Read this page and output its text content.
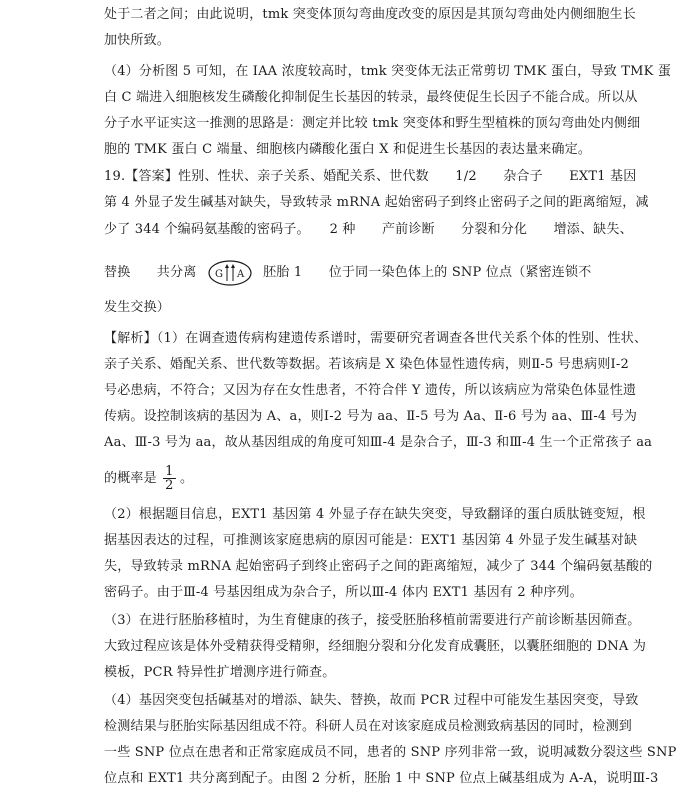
处于二者之间；由此说明，tmk 突变体顶勾弯曲度改变的原因是其顶勾弯曲处内侧细胞生长
加快所致。
（4）分析图 5 可知，在 IAA 浓度较高时，tmk 突变体无法正常剪切 TMK 蛋白，导致 TMK 蛋
白 C 端进入细胞核发生磷酸化抑制促生长基因的转录，最终使促生长因子不能合成。所以从
分子水平证实这一推测的思路是：测定并比较 tmk 突变体和野生型植株的顶勾弯曲处内侧细
胞的 TMK 蛋白 C 端量、细胞核内磷酸化蛋白 X 和促进生长基因的表达量来确定。
19.【答案】性别、性状、亲子关系、婚配关系、世代数　　1/2　　杂合子　　EXT1 基因
第 4 外显子发生碱基对缺失，导致转录 mRNA 起始密码子到终止密码子之间的距离缩短，减
少了 344 个编码氨基酸的密码子。　　2 种　　产前诊断　　分裂和分化　　增添、缺失、
替换　　共分离 G A 胚胎 1　　位于同一染色体上的 SNP 位点（紧密连锁不
发生交换）
【解析】（1）在调查遗传病构建遗传系谱时，需要研究者调查各世代关系个体的性别、性状、
亲子关系、婚配关系、世代数等数据。若该病是 X 染色体显性遗传病，则Ⅱ-5 号患病则Ⅰ-2
号必患病，不符合；又因为存在女性患者，不符合伴 Y 遗传，所以该病应为常染色体显性遗
传病。设控制该病的基因为 A、a，则Ⅰ-2 号为 aa、Ⅱ-5 号为 Aa、Ⅱ-6 号为 aa、Ⅲ-4 号为
Aa、Ⅲ-3 号为 aa，故从基因组成的角度可知Ⅲ-4 是杂合子，Ⅲ-3 和Ⅲ-4 生一个正常孩子 aa
的概率是 $\frac{1}{2}$ 。
（2）根据题目信息，EXT1 基因第 4 外显子存在缺失突变，导致翻译的蛋白质肽链变短，根
据基因表达的过程，可推测该家庭患病的原因可能是：EXT1 基因第 4 外显子发生碱基对缺
失，导致转录 mRNA 起始密码子到终止密码子之间的距离缩短，减少了 344 个编码氨基酸的
密码子。由于Ⅲ-4 号基因组成为杂合子，所以Ⅲ-4 体内 EXT1 基因有 2 种序列。
（3）在进行胚胎移植时，为生育健康的孩子，接受胚胎移植前需要进行产前诊断基因筛查。
大致过程应该是体外受精获得受精卵，经细胞分裂和分化发育成囊胚，以囊胚细胞的 DNA 为
模板，PCR 特异性扩增测序进行筛查。
（4）基因突变包括碱基对的增添、缺失、替换，故而 PCR 过程中可能发生基因突变，导致
检测结果与胚胎实际基因组成不符。科研人员在对该家庭成员检测致病基因的同时，检测到
一些 SNP 位点在患者和正常家庭成员不同，患者的 SNP 序列非常一致，说明减数分裂这些 SNP
位点和 EXT1 共分离到配子。由图 2 分析，胚胎 1 中 SNP 位点上碱基组成为 A-A，说明Ⅲ-3
